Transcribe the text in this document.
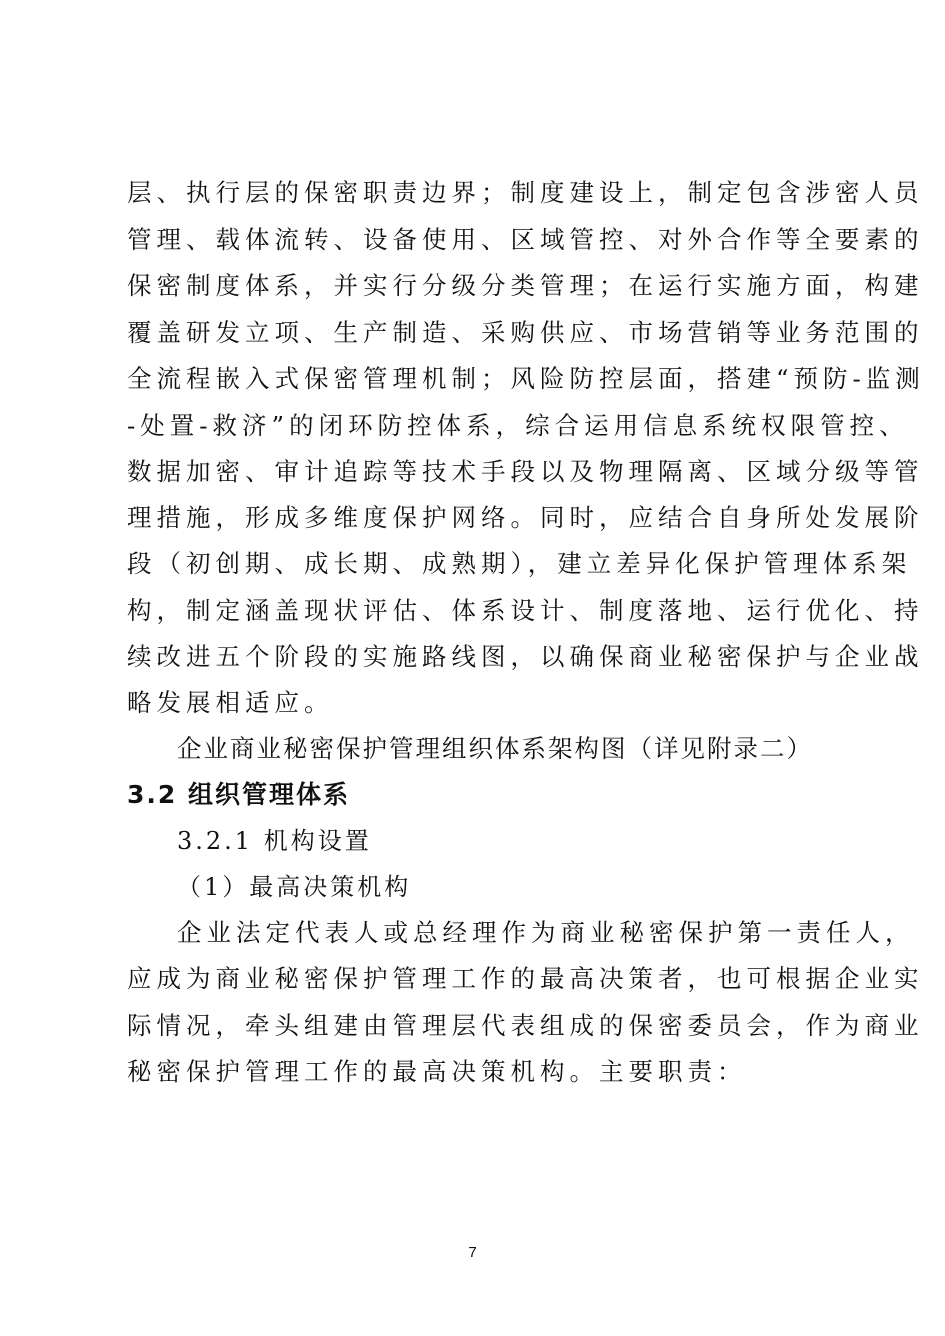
层、执行层的保密职责边界；制度建设上，制定包含涉密人员
管理、载体流转、设备使用、区域管控、对外合作等全要素的
保密制度体系，并实行分级分类管理；在运行实施方面，构建
覆盖研发立项、生产制造、采购供应、市场营销等业务范围的
全流程嵌入式保密管理机制；风险防控层面，搭建“预防-监测
-处置-救济”的闭环防控体系，综合运用信息系统权限管控、
数据加密、审计追踪等技术手段以及物理隔离、区域分级等管
理措施，形成多维度保护网络。同时，应结合自身所处发展阶
段（初创期、成长期、成熟期），建立差异化保护管理体系架
构，制定涵盖现状评估、体系设计、制度落地、运行优化、持
续改进五个阶段的实施路线图，以确保商业秘密保护与企业战
略发展相适应。
企业商业秘密保护管理组织体系架构图（详见附录二）
3.2 组织管理体系
3.2.1 机构设置
（1）最高决策机构
企业法定代表人或总经理作为商业秘密保护第一责任人，
应成为商业秘密保护管理工作的最高决策者，也可根据企业实
际情况，牵头组建由管理层代表组成的保密委员会，作为商业
秘密保护管理工作的最高决策机构。主要职责：
7
